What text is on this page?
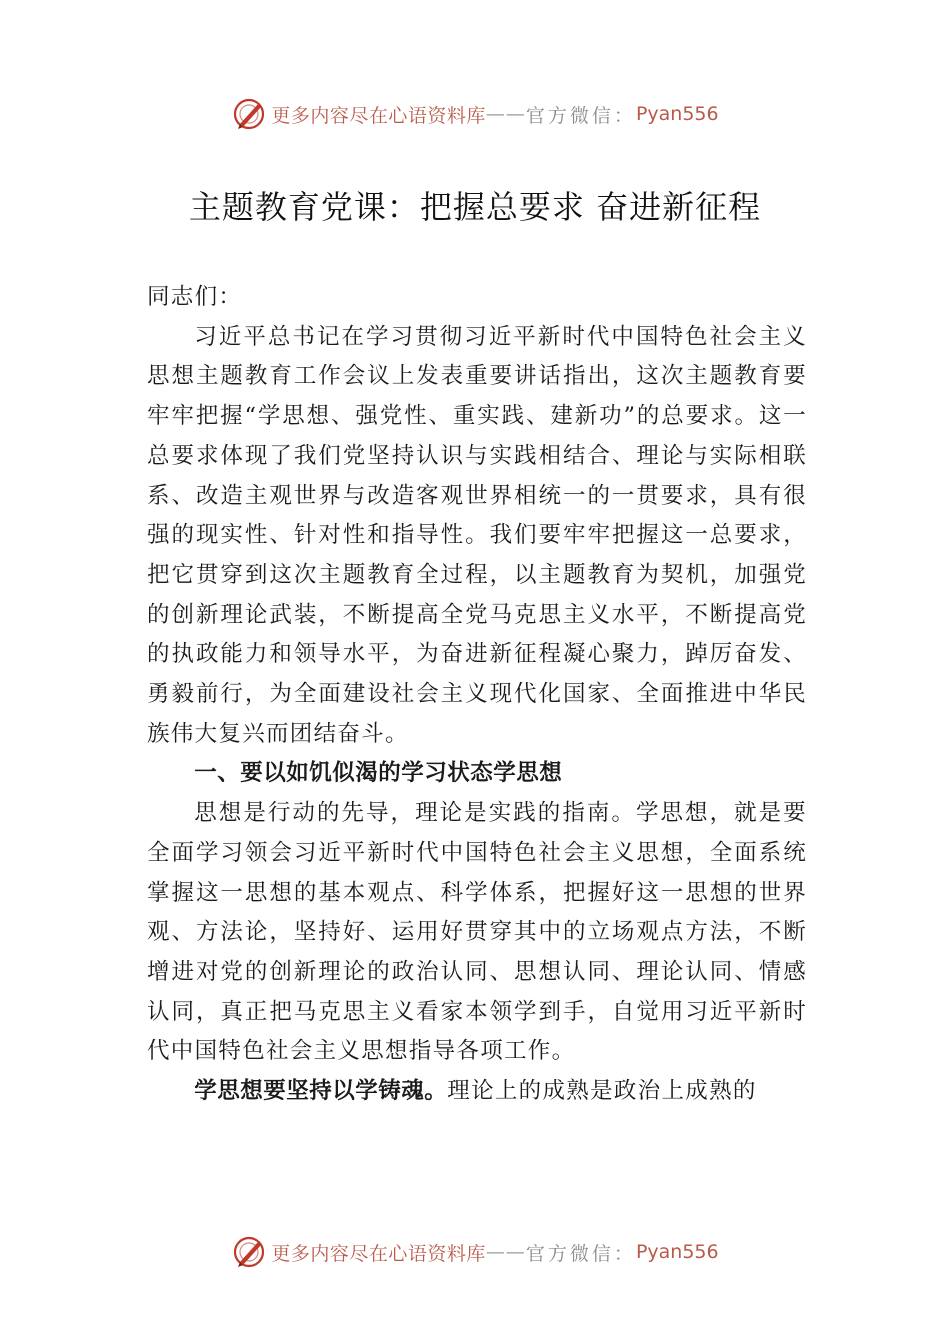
更多内容尽在心语资料库 —— 官方微信： Pyan556
主题教育党课：把握总要求 奋进新征程

同志们：

习近平总书记在学习贯彻习近平新时代中国特色社会主义思想主题教育工作会议上发表重要讲话指出，这次主题教育要牢牢把握“学思想、强党性、重实践、建新功”的总要求。这一总要求体现了我们党坚持认识与实践相结合、理论与实际相联系、改造主观世界与改造客观世界相统一的一贯要求，具有很强的现实性、针对性和指导性。我们要牢牢把握这一总要求，把它贯穿到这次主题教育全过程，以主题教育为契机，加强党的创新理论武装，不断提高全党马克思主义水平，不断提高党的执政能力和领导水平，为奋进新征程凝心聚力，踔厉奋发、勇毅前行，为全面建设社会主义现代化国家、全面推进中华民族伟大复兴而团结奋斗。

一、要以如饥似渴的学习状态学思想

思想是行动的先导，理论是实践的指南。学思想，就是要全面学习领会习近平新时代中国特色社会主义思想，全面系统掌握这一思想的基本观点、科学体系，把握好这一思想的世界观、方法论，坚持好、运用好贯穿其中的立场观点方法，不断增进对党的创新理论的政治认同、思想认同、理论认同、情感认同，真正把马克思主义看家本领学到手，自觉用习近平新时代中国特色社会主义思想指导各项工作。

学思想要坚持以学铸魂。理论上的成熟是政治上成熟的

更多内容尽在心语资料库 —— 官方微信： Pyan556
